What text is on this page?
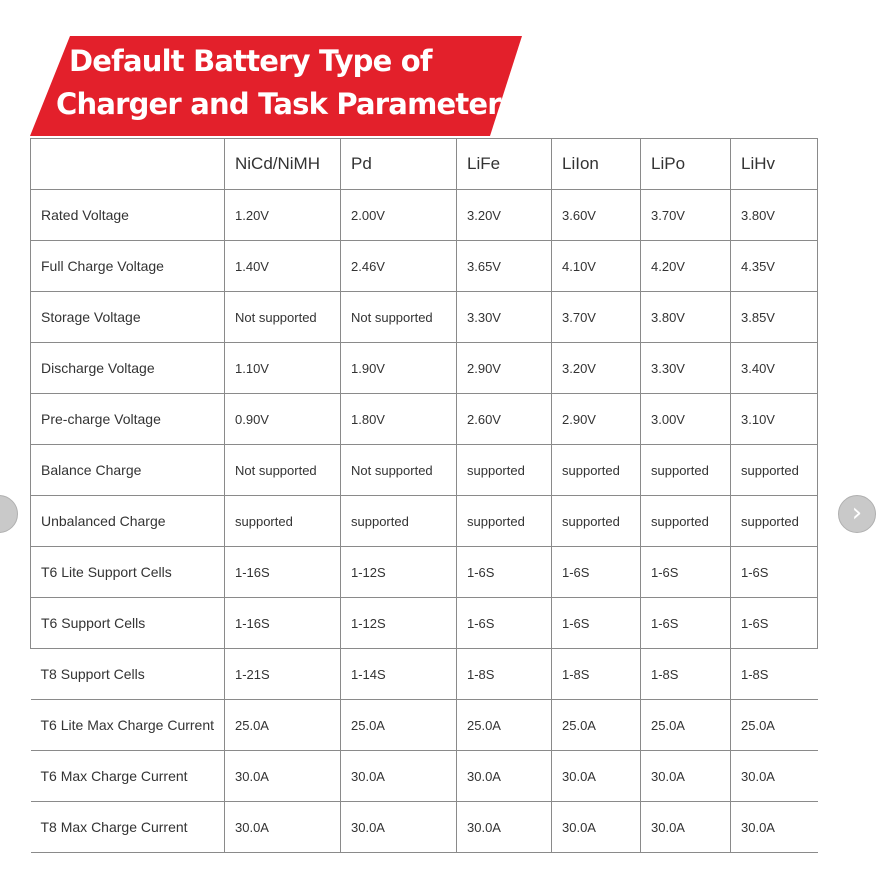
Default Battery Type of
Charger and Task Parameters
	NiCd/NiMH	Pd	LiFe	LiIon	LiPo	LiHv
Rated Voltage	1.20V	2.00V	3.20V	3.60V	3.70V	3.80V
Full Charge Voltage	1.40V	2.46V	3.65V	4.10V	4.20V	4.35V
Storage Voltage	Not supported	Not supported	3.30V	3.70V	3.80V	3.85V
Discharge Voltage	1.10V	1.90V	2.90V	3.20V	3.30V	3.40V
Pre-charge Voltage	0.90V	1.80V	2.60V	2.90V	3.00V	3.10V
Balance Charge	Not supported	Not supported	supported	supported	supported	supported
Unbalanced Charge	supported	supported	supported	supported	supported	supported
T6 Lite Support Cells	1-16S	1-12S	1-6S	1-6S	1-6S	1-6S
T6 Support Cells	1-16S	1-12S	1-6S	1-6S	1-6S	1-6S
T8 Support Cells	1-21S	1-14S	1-8S	1-8S	1-8S	1-8S
T6 Lite Max Charge Current	25.0A	25.0A	25.0A	25.0A	25.0A	25.0A
T6 Max Charge Current	30.0A	30.0A	30.0A	30.0A	30.0A	30.0A
T8 Max Charge Current	30.0A	30.0A	30.0A	30.0A	30.0A	30.0A
›
